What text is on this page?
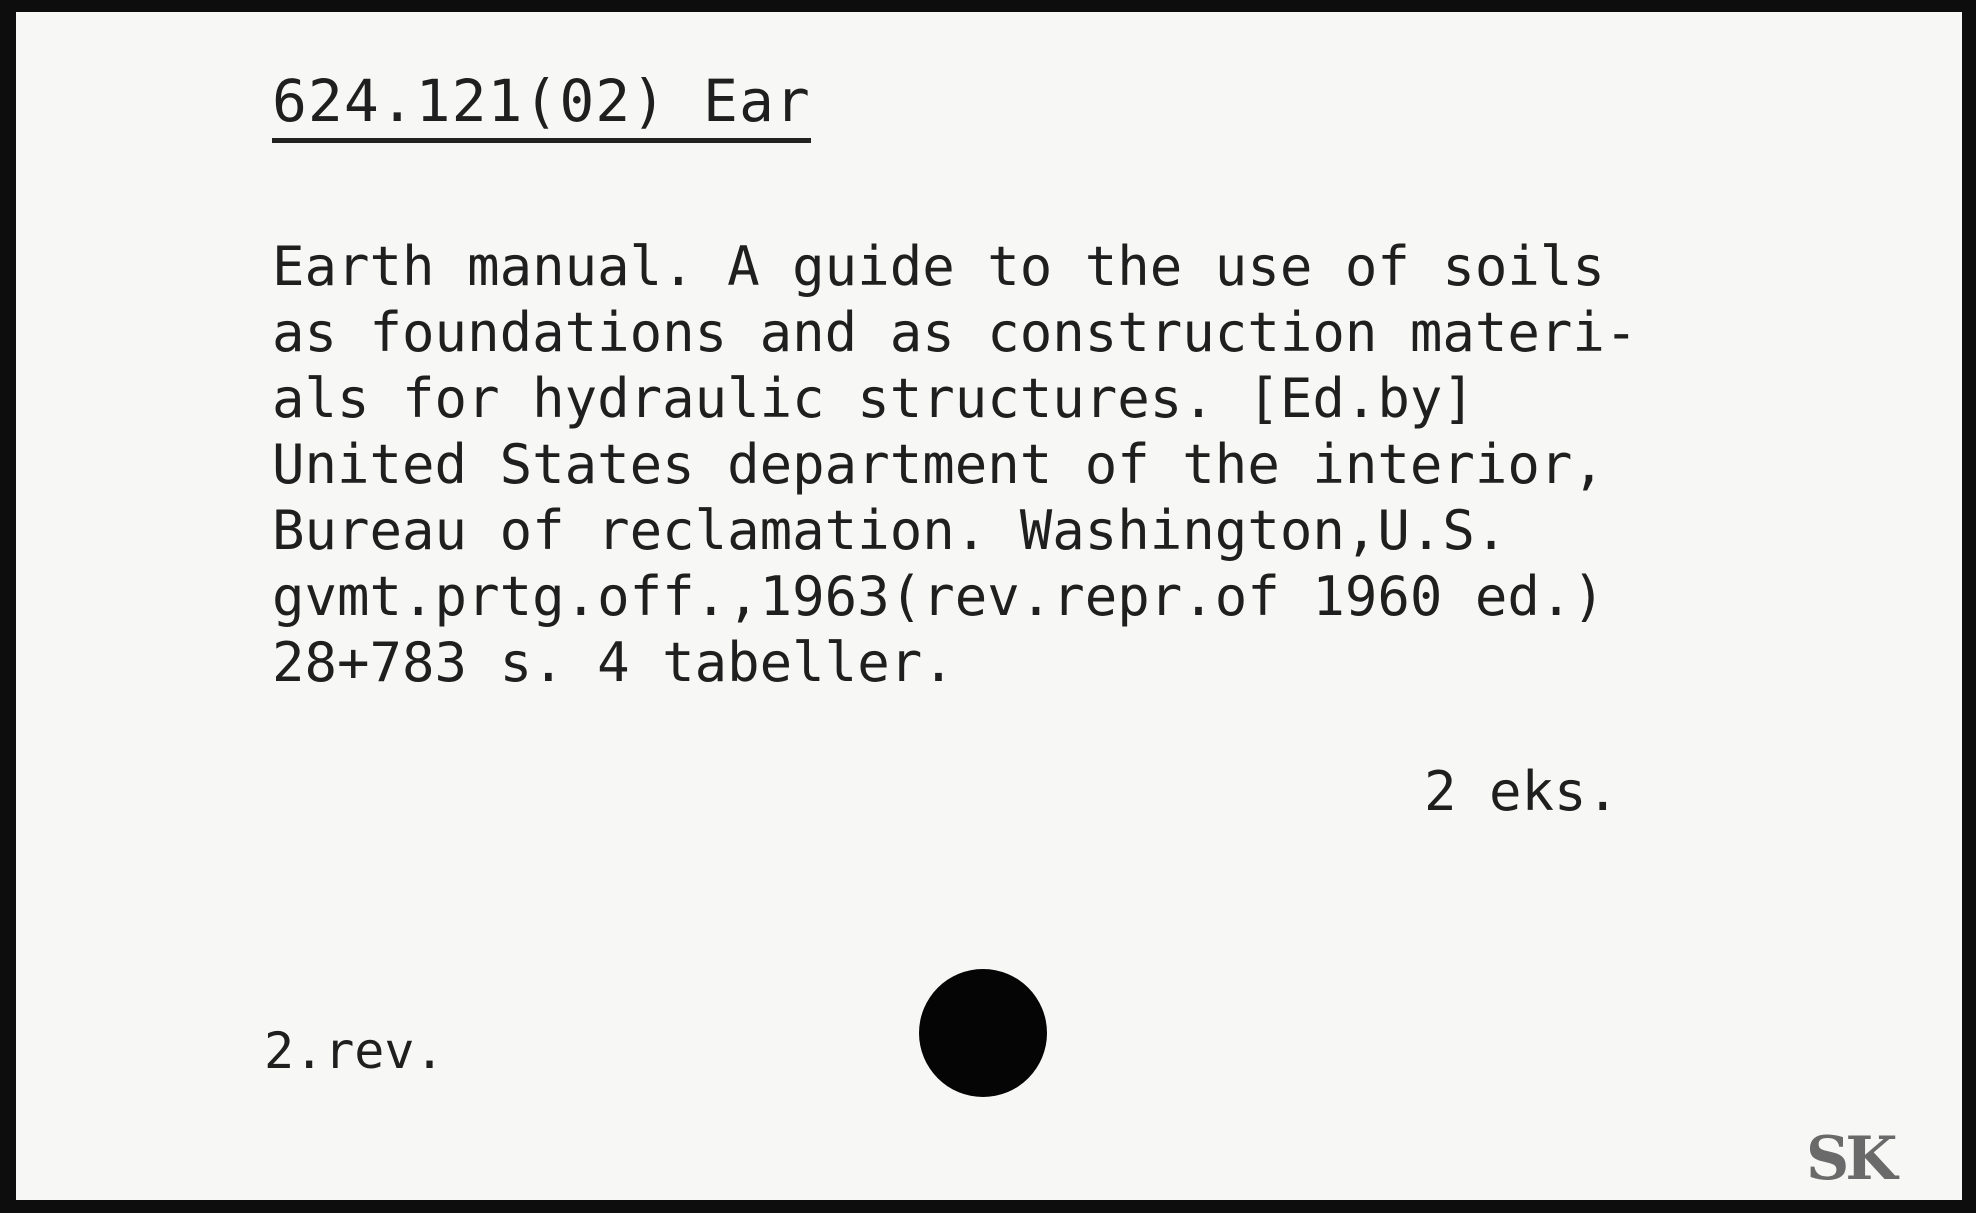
624.121(02) Ear
Earth manual. A guide to the use of soils
as foundations and as construction materi-
als for hydraulic structures. [Ed.by]
United States department of the interior,
Bureau of reclamation. Washington,U.S.
gvmt.prtg.off.,1963(rev.repr.of 1960 ed.)
28+783 s. 4 tabeller.
2 eks.
2.rev.
SK
